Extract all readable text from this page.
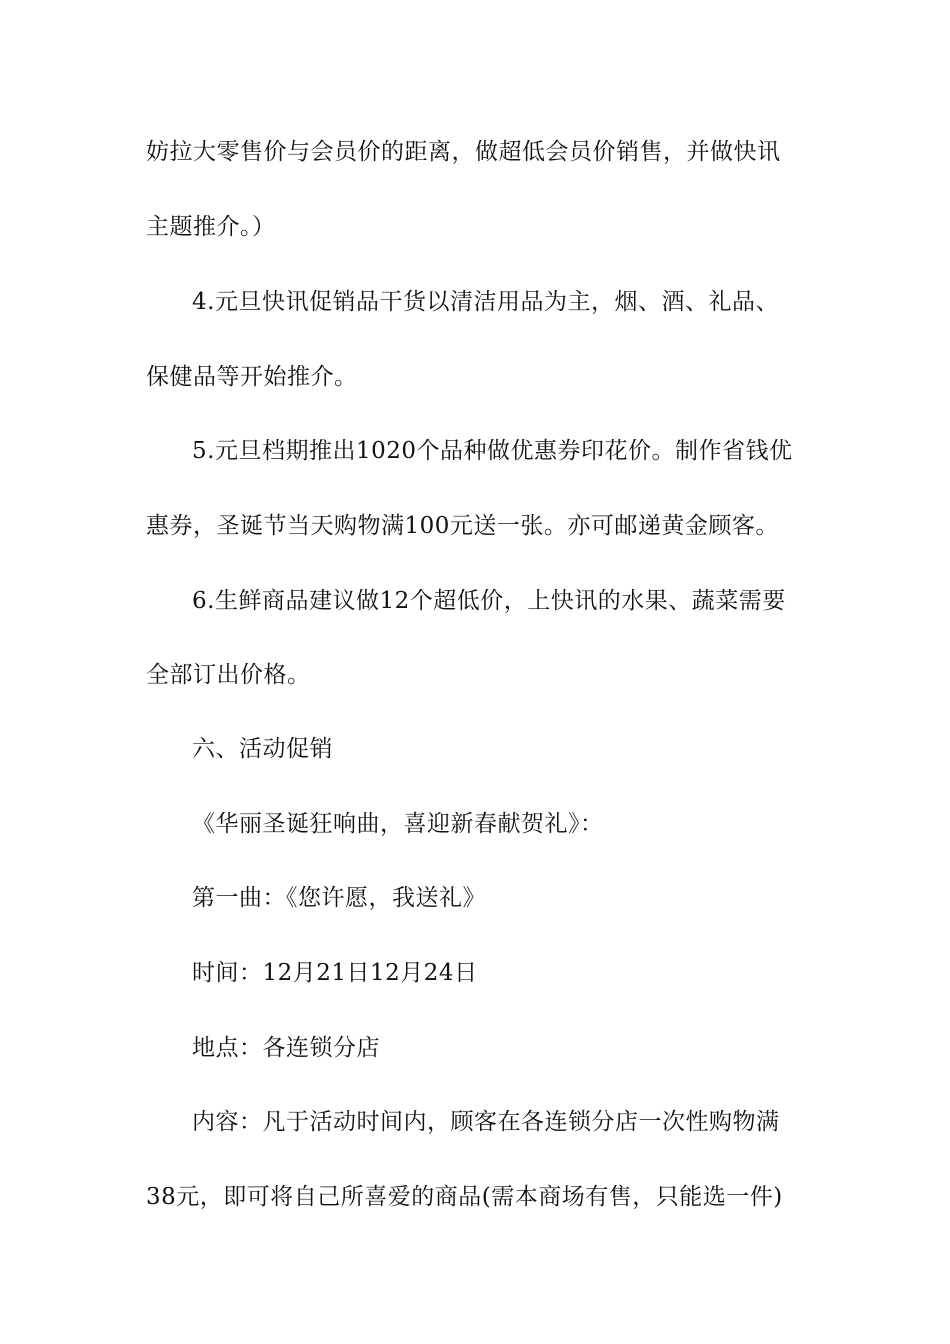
妨拉大零售价与会员价的距离，做超低会员价销售，并做快讯
主题推介。）
4.元旦快讯促销品干货以清洁用品为主，烟、酒、礼品、
保健品等开始推介。
5.元旦档期推出1020个品种做优惠券印花价。制作省钱优
惠券，圣诞节当天购物满100元送一张。亦可邮递黄金顾客。
6.生鲜商品建议做12个超低价，上快讯的水果、蔬菜需要
全部订出价格。
六、活动促销
《华丽圣诞狂响曲，喜迎新春献贺礼》：
第一曲：《您许愿，我送礼》
时间：12月21日12月24日
地点：各连锁分店
内容：凡于活动时间内，顾客在各连锁分店一次性购物满
38元，即可将自己所喜爱的商品(需本商场有售，只能选一件)
